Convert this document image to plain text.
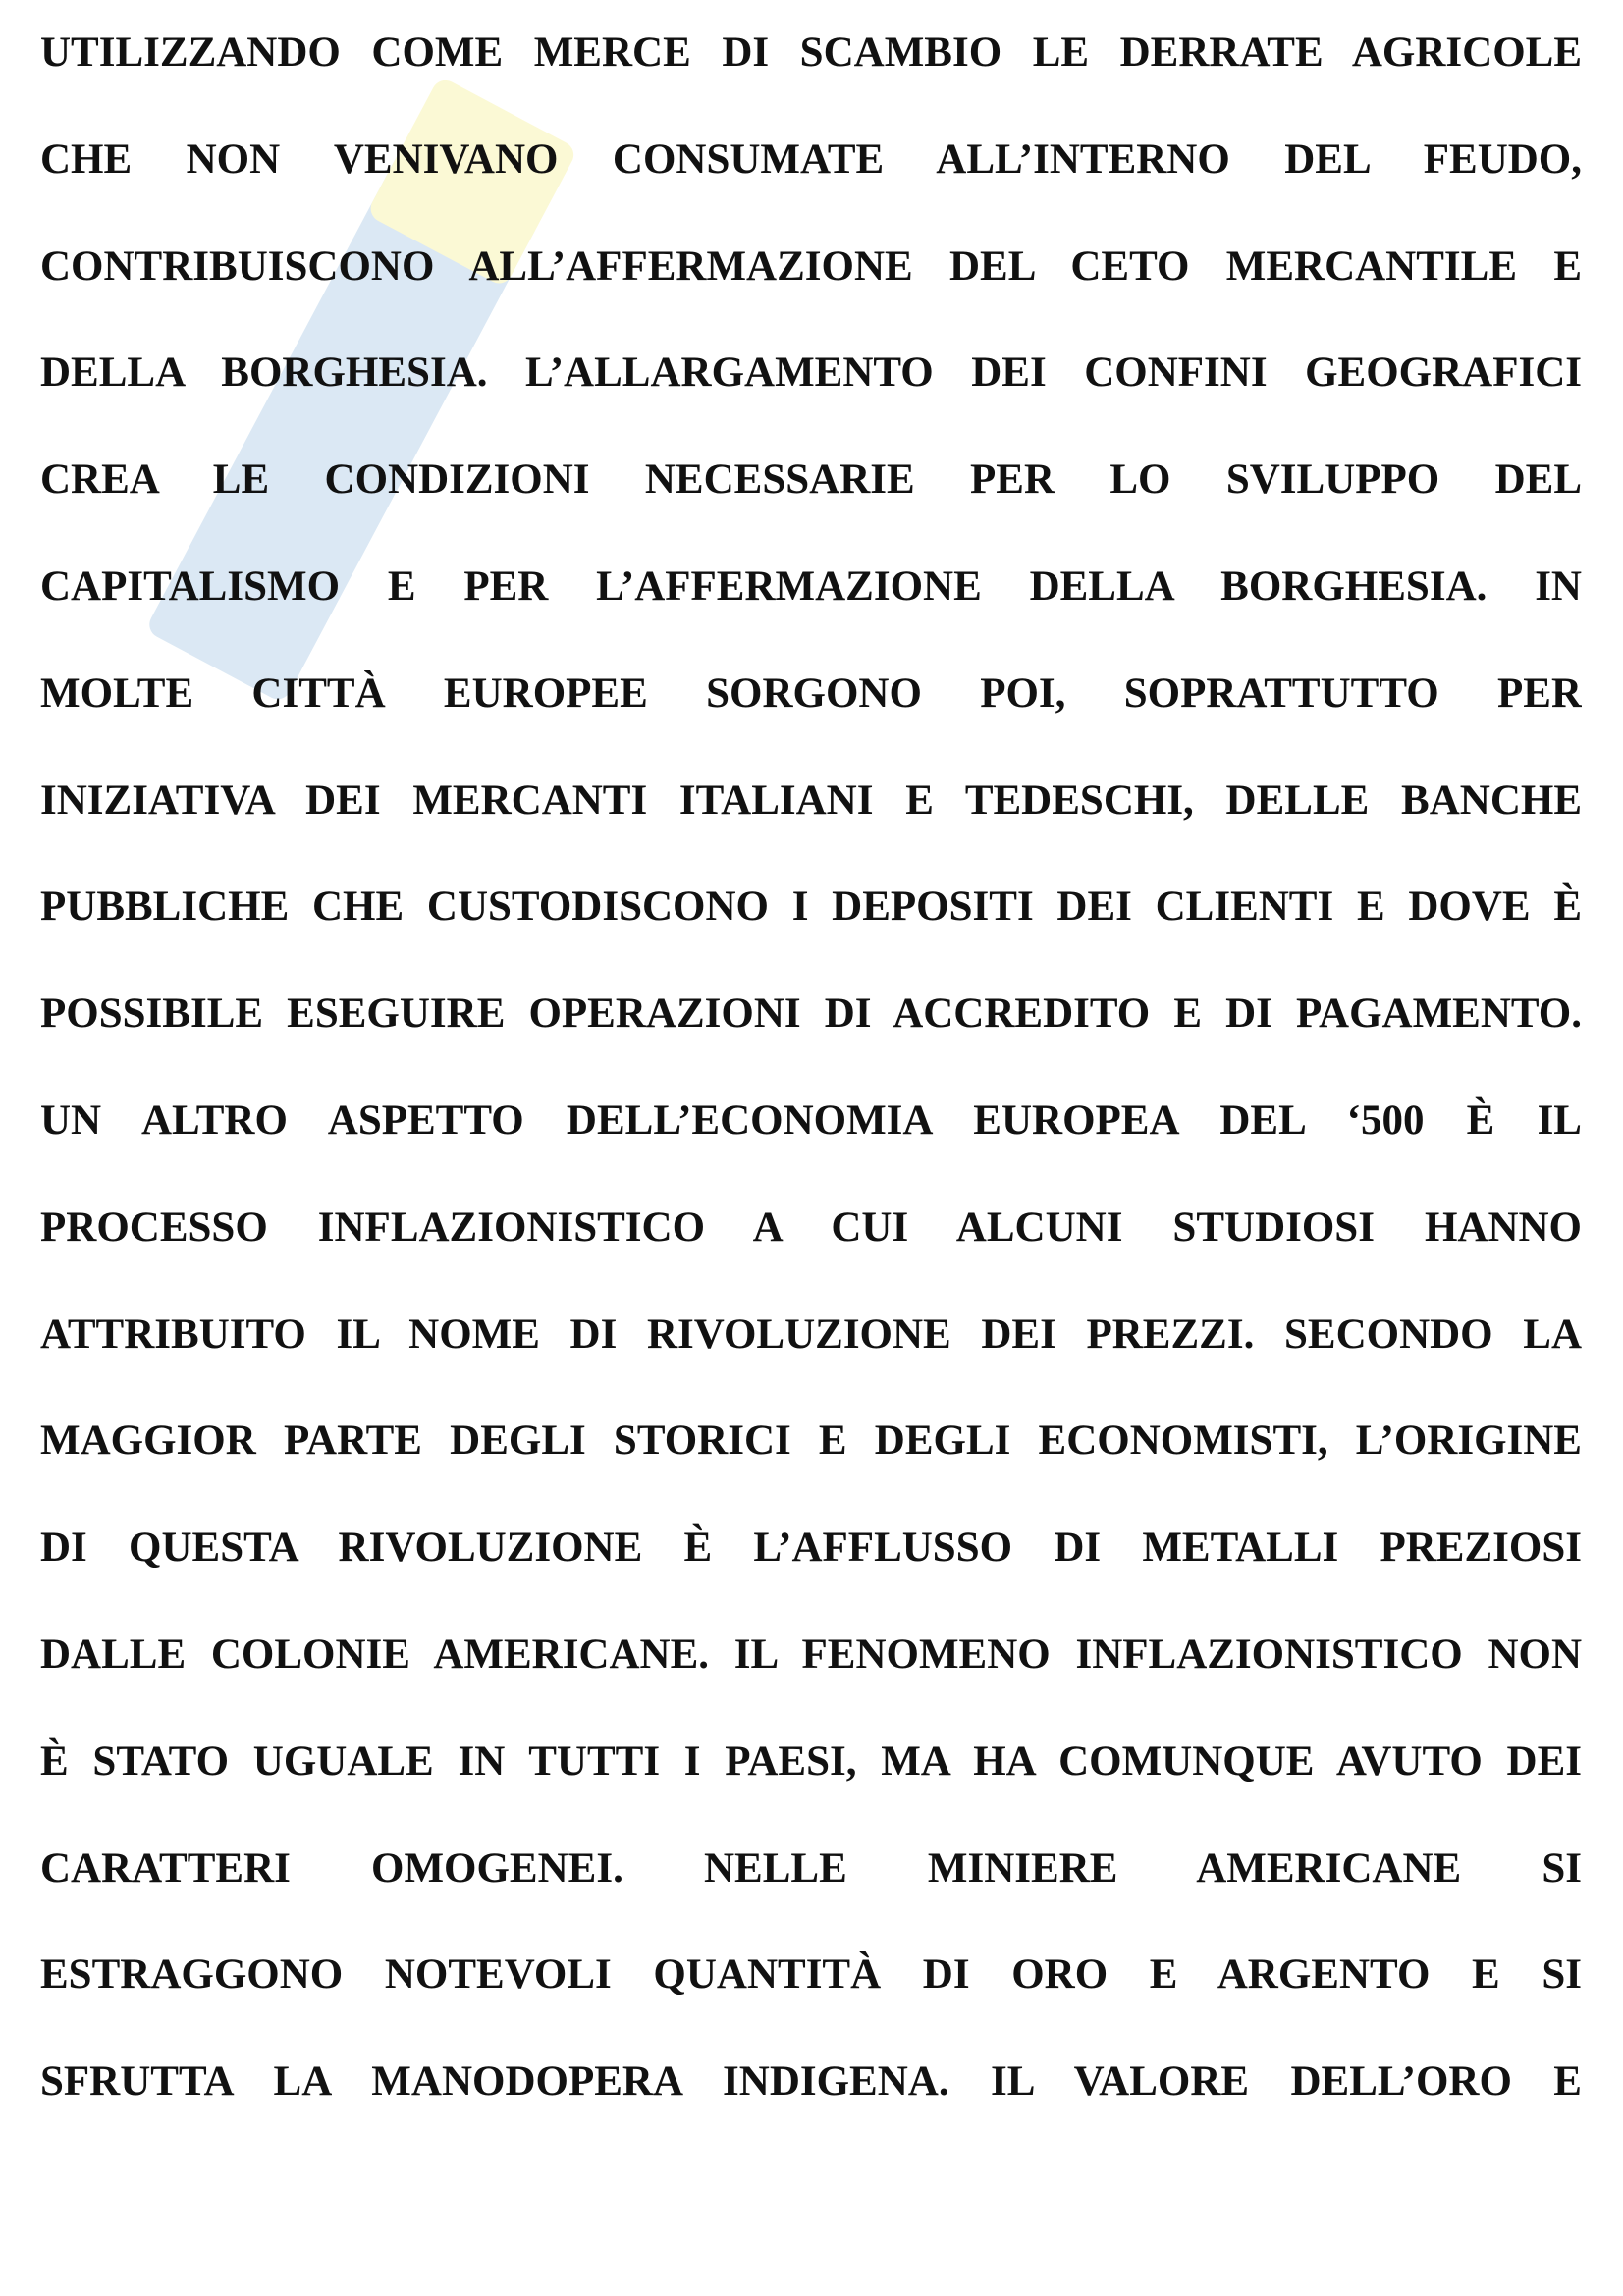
UTILIZZANDO COME MERCE DI SCAMBIO LE DERRATE AGRICOLE
CHE NON VENIVANO CONSUMATE ALL’INTERNO DEL FEUDO,
CONTRIBUISCONO ALL’AFFERMAZIONE DEL CETO MERCANTILE E
DELLA BORGHESIA. L’ALLARGAMENTO DEI CONFINI GEOGRAFICI
CREA LE CONDIZIONI NECESSARIE PER LO SVILUPPO DEL
CAPITALISMO E PER L’AFFERMAZIONE DELLA BORGHESIA. IN
MOLTE CITTÀ EUROPEE SORGONO POI, SOPRATTUTTO PER
INIZIATIVA DEI MERCANTI ITALIANI E TEDESCHI, DELLE BANCHE
PUBBLICHE CHE CUSTODISCONO I DEPOSITI DEI CLIENTI E DOVE È
POSSIBILE ESEGUIRE OPERAZIONI DI ACCREDITO E DI PAGAMENTO.
UN ALTRO ASPETTO DELL’ECONOMIA EUROPEA DEL ‘500 È IL
PROCESSO INFLAZIONISTICO A CUI ALCUNI STUDIOSI HANNO
ATTRIBUITO IL NOME DI RIVOLUZIONE DEI PREZZI. SECONDO LA
MAGGIOR PARTE DEGLI STORICI E DEGLI ECONOMISTI, L’ORIGINE
DI QUESTA RIVOLUZIONE È L’AFFLUSSO DI METALLI PREZIOSI
DALLE COLONIE AMERICANE. IL FENOMENO INFLAZIONISTICO NON
È STATO UGUALE IN TUTTI I PAESI, MA HA COMUNQUE AVUTO DEI
CARATTERI OMOGENEI. NELLE MINIERE AMERICANE SI
ESTRAGGONO NOTEVOLI QUANTITÀ DI ORO E ARGENTO E SI
SFRUTTA LA MANODOPERA INDIGENA. IL VALORE DELL’ORO E
